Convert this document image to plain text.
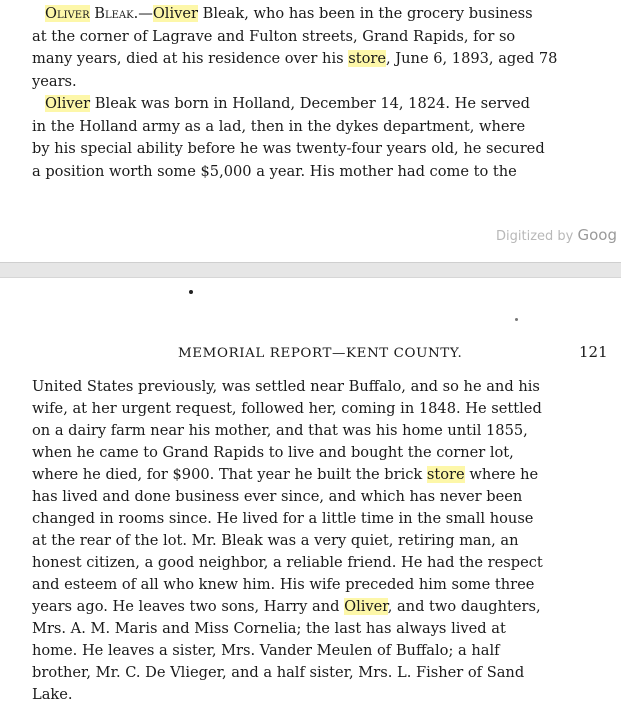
Oliver Bleak.—Oliver Bleak, who has been in the grocery business
at the corner of Lagrave and Fulton streets, Grand Rapids, for so
many years, died at his residence over his store, June 6, 1893, aged 78
years.
Oliver Bleak was born in Holland, December 14, 1824. He served
in the Holland army as a lad, then in the dykes department, where
by his special ability before he was twenty-four years old, he secured
a position worth some $5,000 a year. His mother had come to the
Digitized by Goog
MEMORIAL REPORT—KENT COUNTY.	121
United States previously, was settled near Buffalo, and so he and his
wife, at her urgent request, followed her, coming in 1848. He settled
on a dairy farm near his mother, and that was his home until 1855,
when he came to Grand Rapids to live and bought the corner lot,
where he died, for $900. That year he built the brick store where he
has lived and done business ever since, and which has never been
changed in rooms since. He lived for a little time in the small house
at the rear of the lot. Mr. Bleak was a very quiet, retiring man, an
honest citizen, a good neighbor, a reliable friend. He had the respect
and esteem of all who knew him. His wife preceded him some three
years ago. He leaves two sons, Harry and Oliver, and two daughters,
Mrs. A. M. Maris and Miss Cornelia; the last has always lived at
home. He leaves a sister, Mrs. Vander Meulen of Buffalo; a half
brother, Mr. C. De Vlieger, and a half sister, Mrs. L. Fisher of Sand
Lake.
